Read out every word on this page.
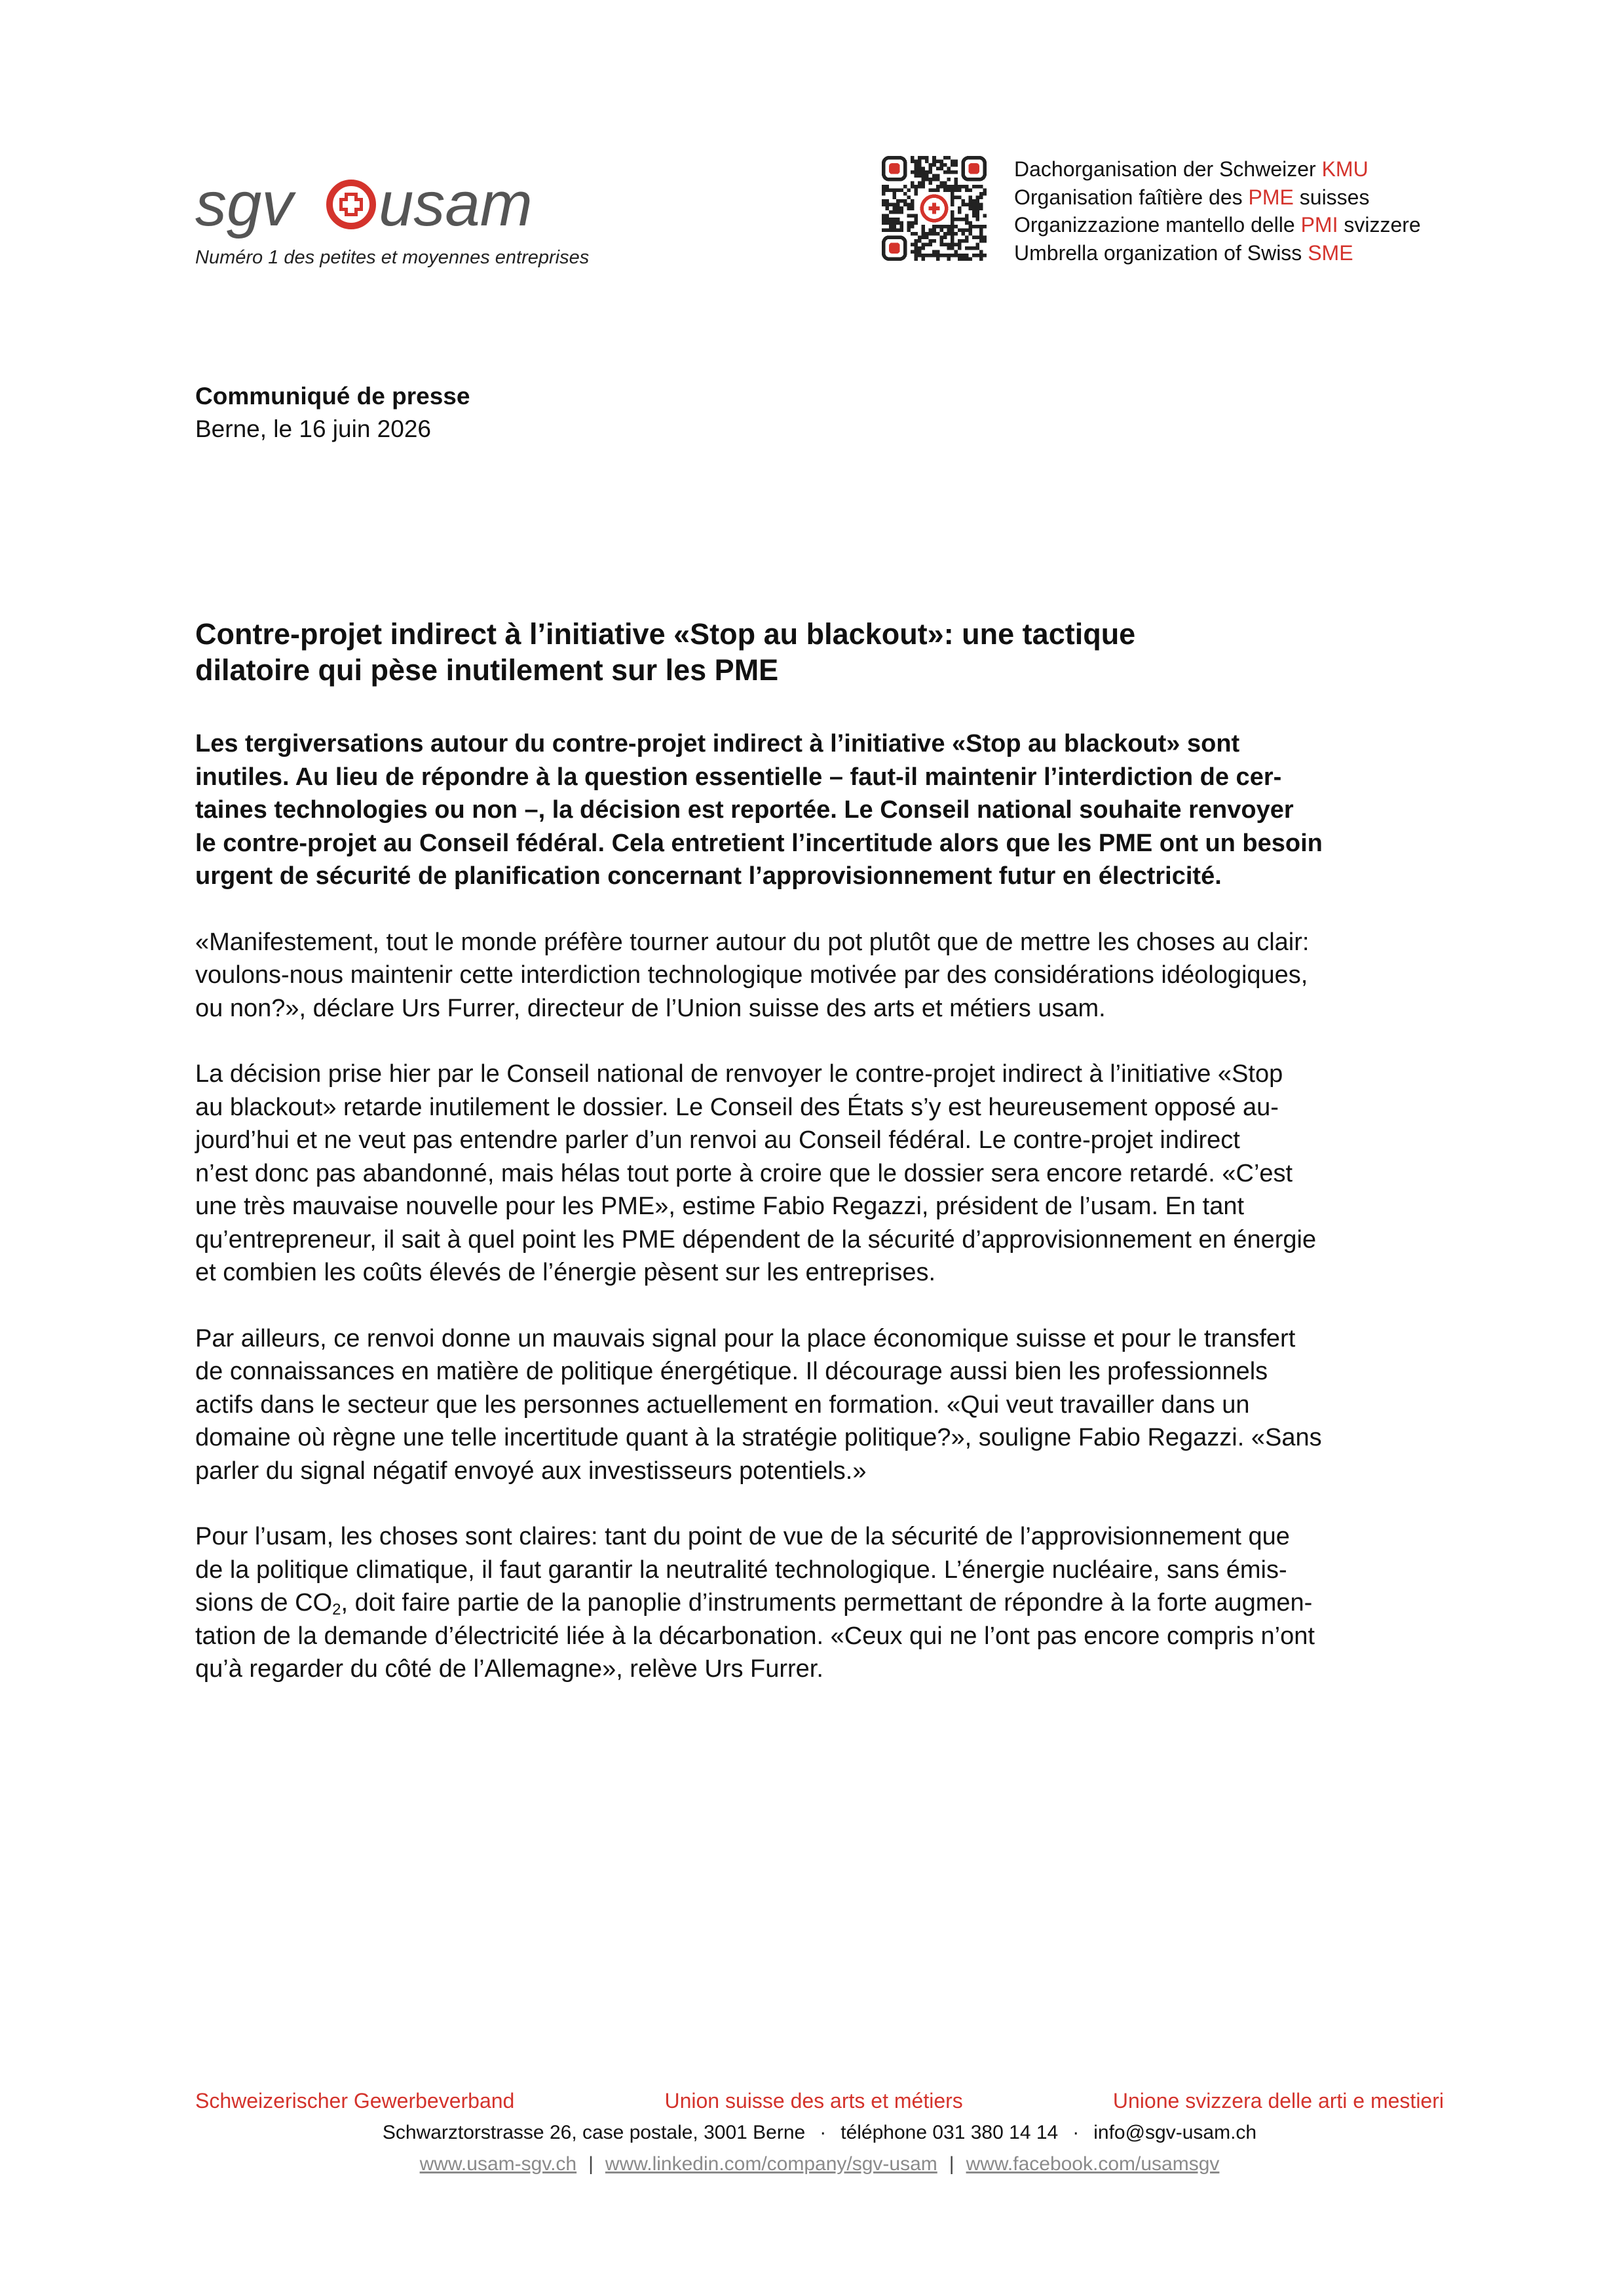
sgv usam
Numéro 1 des petites et moyennes entreprises
Dachorganisation der Schweizer KMU
Organisation faîtière des PME suisses
Organizzazione mantello delle PMI svizzere
Umbrella organization of Swiss SME
Communiqué de presse
Berne, le 16 juin 2026
Contre-projet indirect à l’initiative «Stop au blackout»: une tactique
dilatoire qui pèse inutilement sur les PME
Les tergiversations autour du contre-projet indirect à l’initiative «Stop au blackout» sont
inutiles. Au lieu de répondre à la question essentielle – faut-il maintenir l’interdiction de cer-
taines technologies ou non –, la décision est reportée. Le Conseil national souhaite renvoyer
le contre-projet au Conseil fédéral. Cela entretient l’incertitude alors que les PME ont un besoin
urgent de sécurité de planification concernant l’approvisionnement futur en électricité.
«Manifestement, tout le monde préfère tourner autour du pot plutôt que de mettre les choses au clair:
voulons-nous maintenir cette interdiction technologique motivée par des considérations idéologiques,
ou non?», déclare Urs Furrer, directeur de l’Union suisse des arts et métiers usam.
La décision prise hier par le Conseil national de renvoyer le contre-projet indirect à l’initiative «Stop
au blackout» retarde inutilement le dossier. Le Conseil des États s’y est heureusement opposé au-
jourd’hui et ne veut pas entendre parler d’un renvoi au Conseil fédéral. Le contre-projet indirect
n’est donc pas abandonné, mais hélas tout porte à croire que le dossier sera encore retardé. «C’est
une très mauvaise nouvelle pour les PME», estime Fabio Regazzi, président de l’usam. En tant
qu’entrepreneur, il sait à quel point les PME dépendent de la sécurité d’approvisionnement en énergie
et combien les coûts élevés de l’énergie pèsent sur les entreprises.
Par ailleurs, ce renvoi donne un mauvais signal pour la place économique suisse et pour le transfert
de connaissances en matière de politique énergétique. Il décourage aussi bien les professionnels
actifs dans le secteur que les personnes actuellement en formation. «Qui veut travailler dans un
domaine où règne une telle incertitude quant à la stratégie politique?», souligne Fabio Regazzi. «Sans
parler du signal négatif envoyé aux investisseurs potentiels.»
Pour l’usam, les choses sont claires: tant du point de vue de la sécurité de l’approvisionnement que
de la politique climatique, il faut garantir la neutralité technologique. L’énergie nucléaire, sans émis-
sions de $CO_2$, doit faire partie de la panoplie d’instruments permettant de répondre à la forte augmen-
tation de la demande d’électricité liée à la décarbonation. «Ceux qui ne l’ont pas encore compris n’ont
qu’à regarder du côté de l’Allemagne», relève Urs Furrer.
Schweizerischer Gewerbeverband	Union suisse des arts et métiers	Unione svizzera delle arti e mestieri
Schwarztorstrasse 26, case postale, 3001 Berne · téléphone 031 380 14 14 · info@sgv-usam.ch
www.usam-sgv.ch | www.linkedin.com/company/sgv-usam | www.facebook.com/usamsgv
